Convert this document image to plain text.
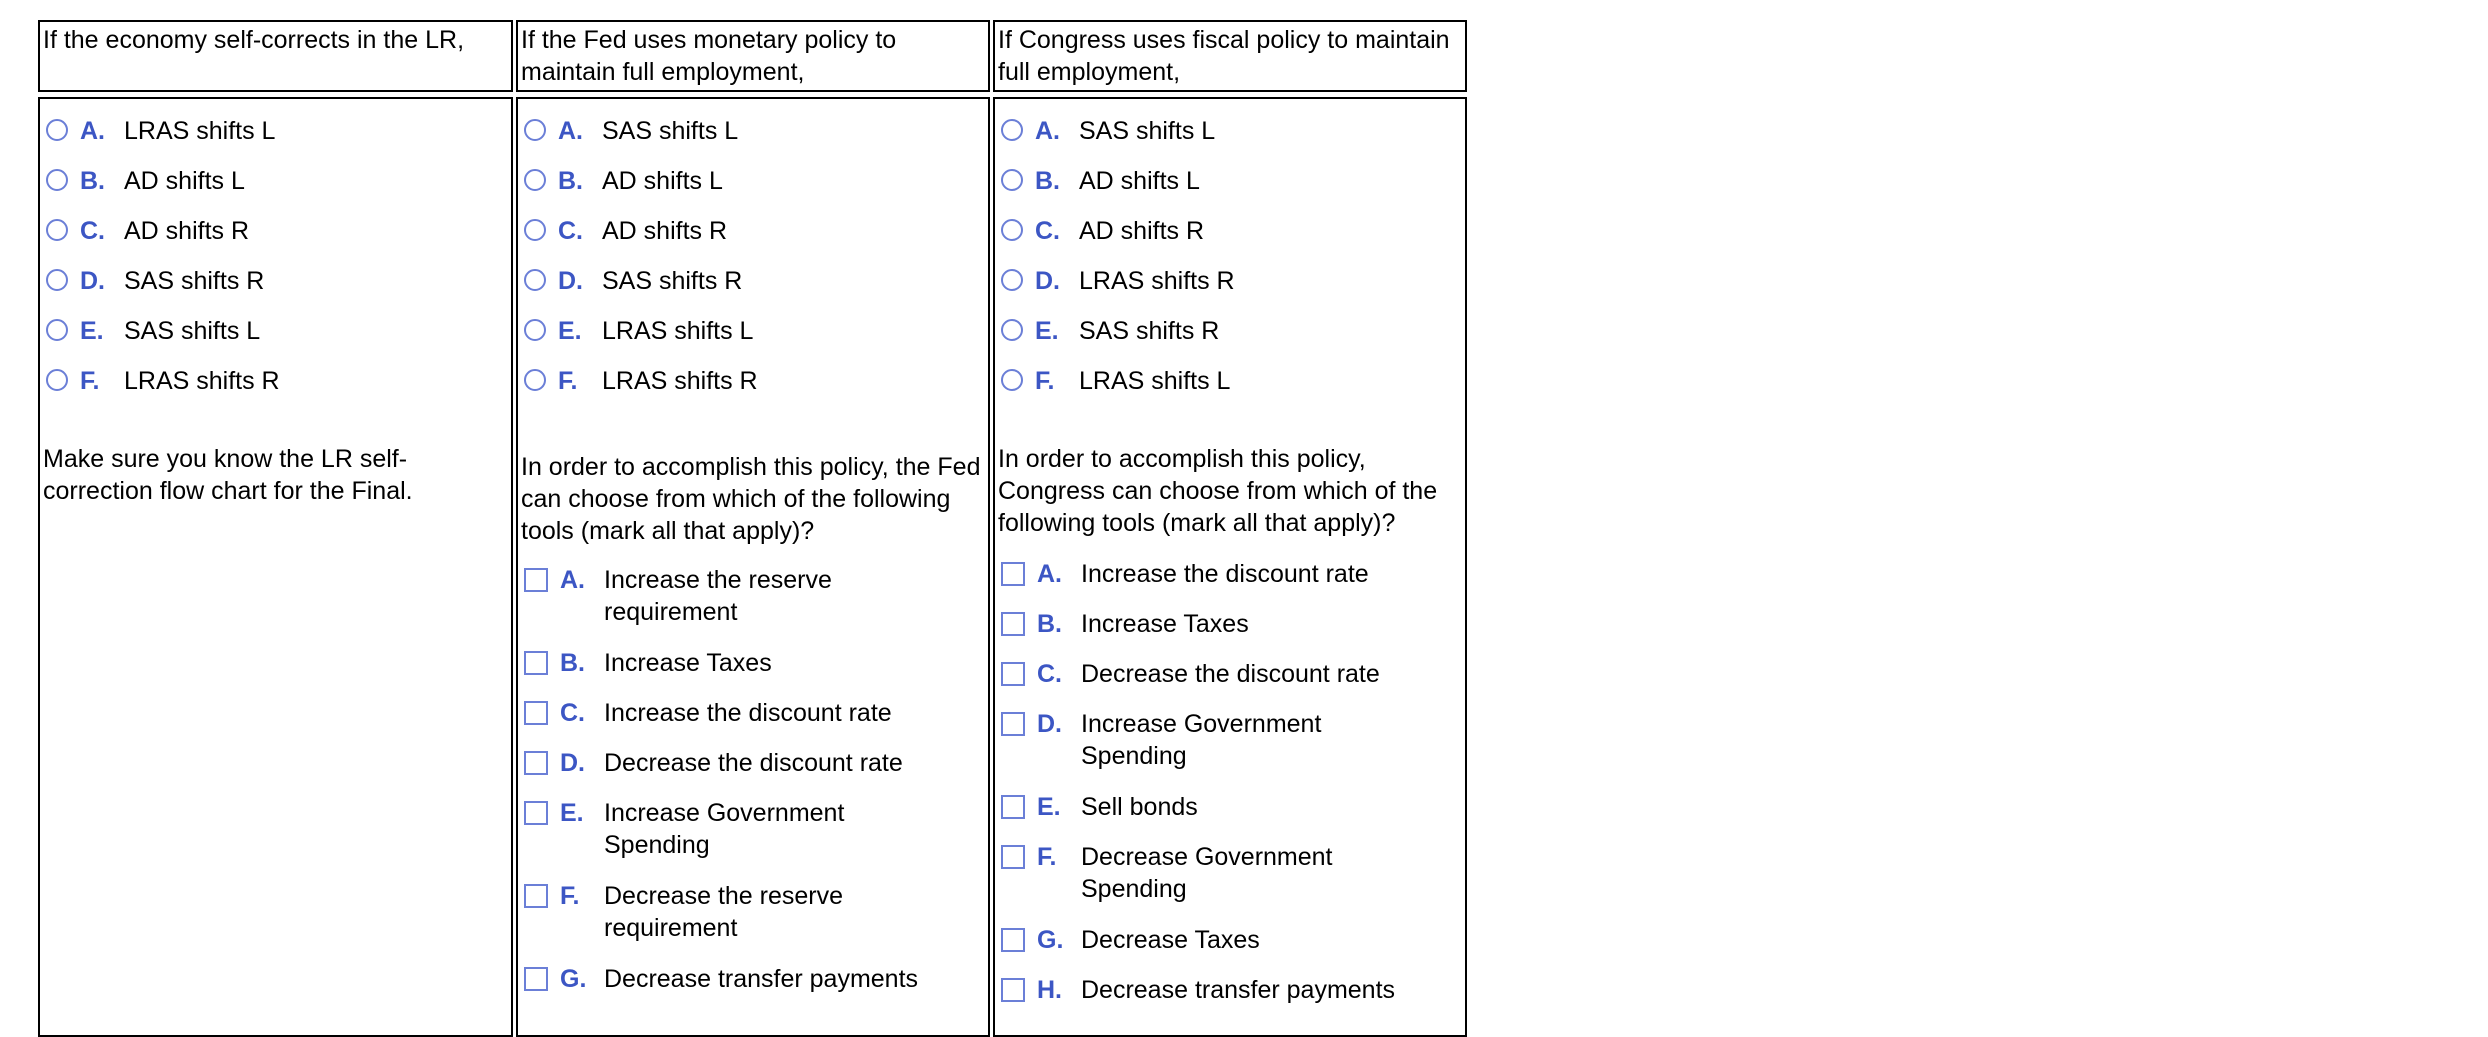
If the economy self-corrects in the LR,	If the Fed uses monetary policy to maintain full employment,
If Congress uses fiscal policy to maintain full employment,
A. LRAS shifts L
B. AD shifts L
C. AD shifts R
D. SAS shifts R
E. SAS shifts L
F. LRAS shifts R
Make sure you know the LR self-correction flow chart for the Final.
A. SAS shifts L
B. AD shifts L
C. AD shifts R
D. SAS shifts R
E. LRAS shifts L
F. LRAS shifts R
In order to accomplish this policy, the Fed can choose from which of the following tools (mark all that apply)?
A. Increase the reserve requirement
B. Increase Taxes
C. Increase the discount rate
D. Decrease the discount rate
E. Increase Government Spending
F. Decrease the reserve requirement
G. Decrease transfer payments
A. SAS shifts L
B. AD shifts L
C. AD shifts R
D. LRAS shifts R
E. SAS shifts R
F. LRAS shifts L
In order to accomplish this policy, Congress can choose from which of the following tools (mark all that apply)?
A. Increase the discount rate
B. Increase Taxes
C. Decrease the discount rate
D. Increase Government Spending
E. Sell bonds
F. Decrease Government Spending
G. Decrease Taxes
H. Decrease transfer payments
